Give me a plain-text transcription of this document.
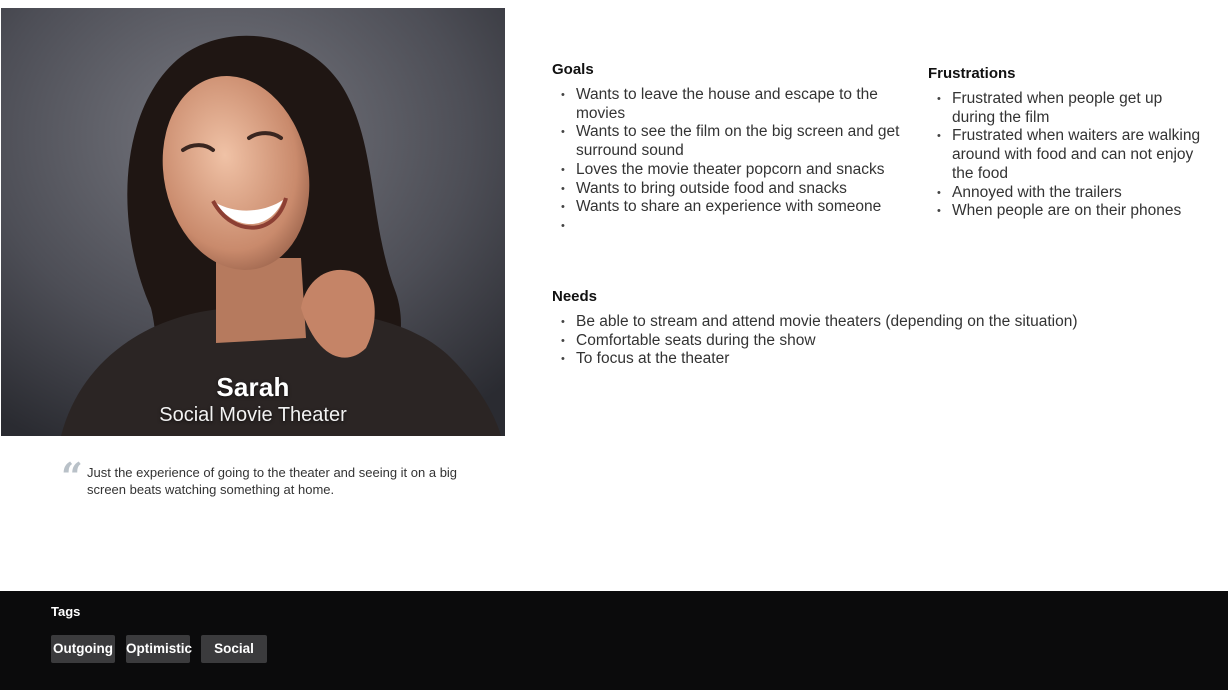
Sarah
Social Movie Theater
“ Just the experience of going to the theater and seeing it on a big screen beats watching something at home.
Goals
• Wants to leave the house and escape to the movies
• Wants to see the film on the big screen and get surround sound
• Loves the movie theater popcorn and snacks
• Wants to bring outside food and snacks
• Wants to share an experience with someone
•
Frustrations
• Frustrated when people get up during the film
• Frustrated when waiters are walking around with food and can not enjoy the food
• Annoyed with the trailers
• When people are on their phones
Needs
• Be able to stream and attend movie theaters (depending on the situation)
• Comfortable seats during the show
• To focus at the theater
Tags
Outgoing Optimistic	Social
